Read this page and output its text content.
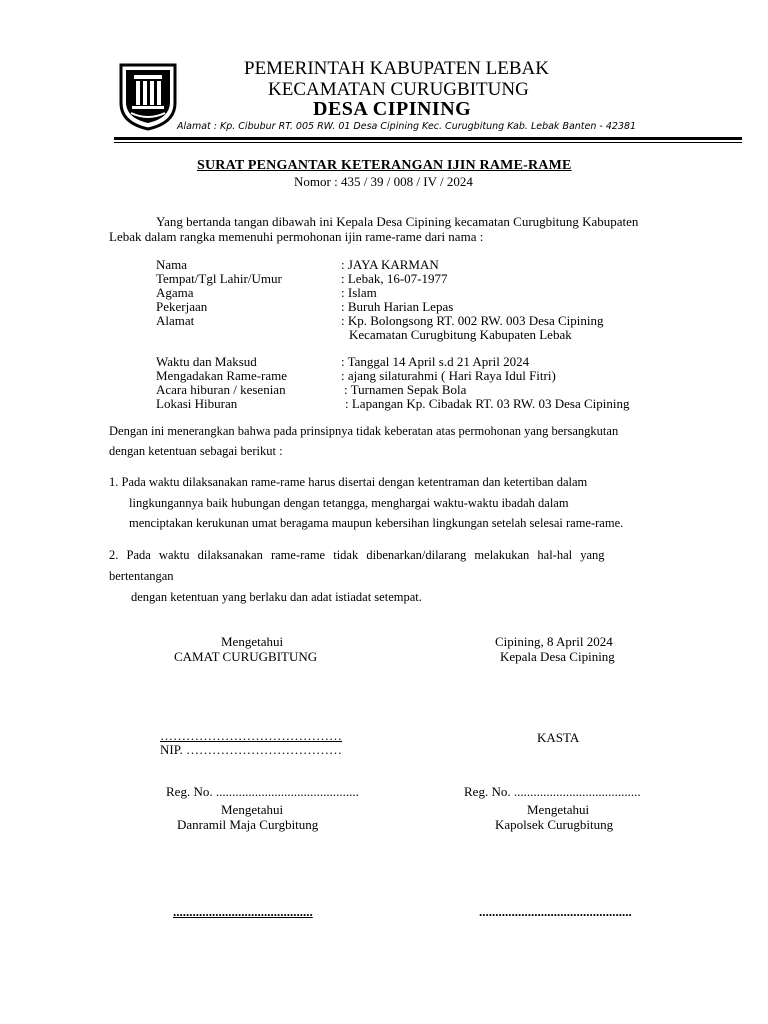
PEMERINTAH KABUPATEN LEBAK
KECAMATAN CURUGBITUNG
DESA CIPINING
Alamat : Kp. Cibubur RT. 005 RW. 01 Desa Cipining Kec. Curugbitung Kab. Lebak Banten - 42381
SURAT PENGANTAR KETERANGAN IJIN RAME-RAME
Nomor : 435 / 39 / 008 / IV / 2024
Yang bertanda tangan dibawah ini Kepala Desa Cipining kecamatan Curugbitung Kabupaten
Lebak dalam rangka memenuhi permohonan ijin rame-rame dari nama :
Nama	: JAYA KARMAN
Tempat/Tgl Lahir/Umur	: Lebak, 16-07-1977
Agama	: Islam
Pekerjaan	: Buruh Harian Lepas
Alamat	: Kp. Bolongsong RT. 002 RW. 003 Desa Cipining
Kecamatan Curugbitung Kabupaten Lebak
Waktu dan Maksud	: Tanggal 14 April s.d 21 April 2024
Mengadakan Rame-rame	: ajang silaturahmi ( Hari Raya Idul Fitri)
Acara hiburan / kesenian	: Turnamen Sepak Bola
Lokasi Hiburan	: Lapangan Kp. Cibadak RT. 03 RW. 03 Desa Cipining
Dengan ini menerangkan bahwa pada prinsipnya tidak keberatan atas permohonan yang bersangkutan
dengan ketentuan sebagai berikut :
1. Pada waktu dilaksanakan rame-rame harus disertai dengan ketentraman dan ketertiban dalam
lingkungannya baik hubungan dengan tetangga, menghargai waktu-waktu ibadah dalam
menciptakan kerukunan umat beragama maupun kebersihan lingkungan setelah selesai rame-rame.
2. Pada waktu dilaksanakan rame-rame tidak dibenarkan/dilarang melakukan hal-hal yang
bertentangan
dengan ketentuan yang berlaku dan adat istiadat setempat.
Mengetahui
CAMAT CURUGBITUNG
Cipining, 8 April 2024
Kepala Desa Cipining
……………………………………
NIP. ………………………………
KASTA
Reg. No. ............................................	Reg. No. .......................................
Mengetahui
Danramil Maja Curgbitung
Mengetahui
Kapolsek Curugbitung
...........................................	...............................................
